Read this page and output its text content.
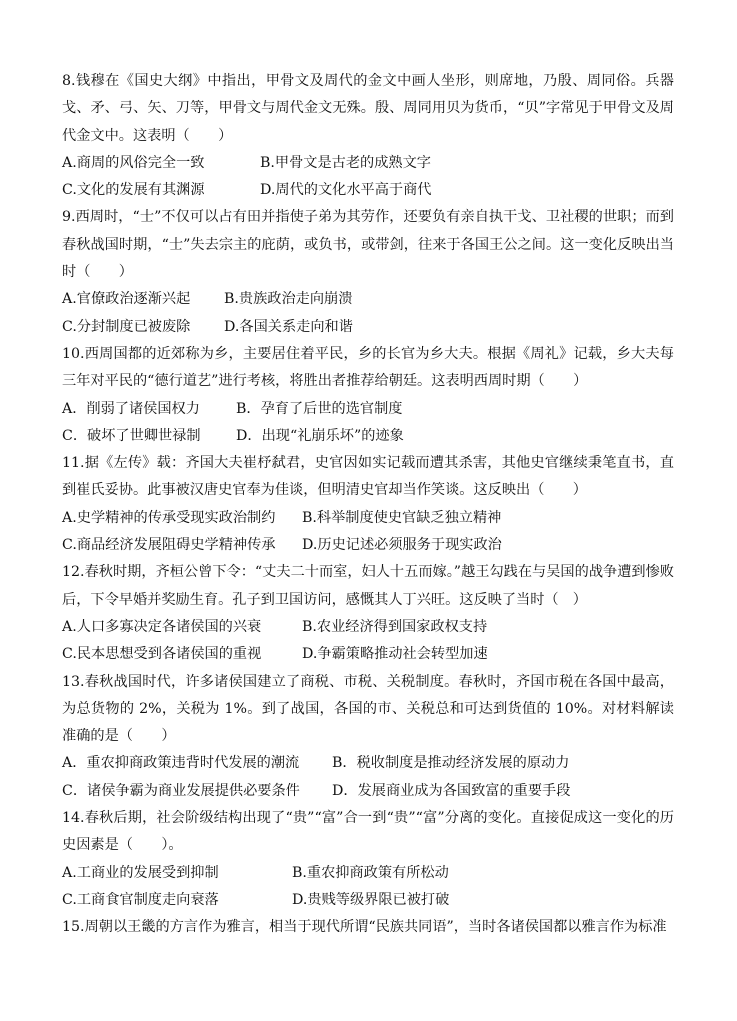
8.钱穆在《国史大纲》中指出，甲骨文及周代的金文中画人坐形，则席地，乃殷、周同俗。兵器戈、矛、弓、矢、刀等，甲骨文与周代金文无殊。殷、周同用贝为货币，“贝”字常见于甲骨文及周代金文中。这表明（　　）

A.商周的风俗完全一致	B.甲骨文是古老的成熟文字
C.文化的发展有其渊源	D.周代的文化水平高于商代

9.西周时，“士”不仅可以占有田并指使子弟为其劳作，还要负有亲自执干戈、卫社稷的世职；而到春秋战国时期，“士”失去宗主的庇荫，或负书，或带剑，往来于各国王公之间。这一变化反映出当时（　　）

A.官僚政治逐渐兴起	B.贵族政治走向崩溃
C.分封制度已被废除	D.各国关系走向和谐

10.西周国都的近郊称为乡，主要居住着平民，乡的长官为乡大夫。根据《周礼》记载，乡大夫每三年对平民的“德行道艺”进行考核，将胜出者推荐给朝廷。这表明西周时期（　　）

A．削弱了诸侯国权力	B．孕育了后世的选官制度
C．破坏了世卿世禄制	D．出现“礼崩乐坏”的迹象

11.据《左传》载：齐国大夫崔杼弑君，史官因如实记载而遭其杀害，其他史官继续秉笔直书，直到崔氏妥协。此事被汉唐史官奉为佳谈，但明清史官却当作笑谈。这反映出（　　）

A.史学精神的传承受现实政治制约	B.科举制度使史官缺乏独立精神
C.商品经济发展阻碍史学精神传承	D.历史记述必须服务于现实政治

12.春秋时期，齐桓公曾下令：“丈夫二十而室，妇人十五而嫁。”越王勾践在与吴国的战争遭到惨败后，下令早婚并奖励生育。孔子到卫国访问，感慨其人丁兴旺。这反映了当时（　）

A.人口多寡决定各诸侯国的兴衰	B.农业经济得到国家政权支持
C.民本思想受到各诸侯国的重视	D.争霸策略推动社会转型加速

13.春秋战国时代，许多诸侯国建立了商税、市税、关税制度。春秋时，齐国市税在各国中最高，为总货物的 2%，关税为 1%。到了战国，各国的市、关税总和可达到货值的 10%。对材料解读准确的是（　　）

A．重农抑商政策违背时代发展的潮流	B．税收制度是推动经济发展的原动力
C．诸侯争霸为商业发展提供必要条件	D．发展商业成为各国致富的重要手段

14.春秋后期，社会阶级结构出现了“贵”“富”合一到“贵”“富”分离的变化。直接促成这一变化的历史因素是（　　）。

A.工商业的发展受到抑制	B.重农抑商政策有所松动
C.工商食官制度走向衰落	D.贵贱等级界限已被打破

15.周朝以王畿的方言作为雅言，相当于现代所谓“民族共同语”，当时各诸侯国都以雅言作为标准
